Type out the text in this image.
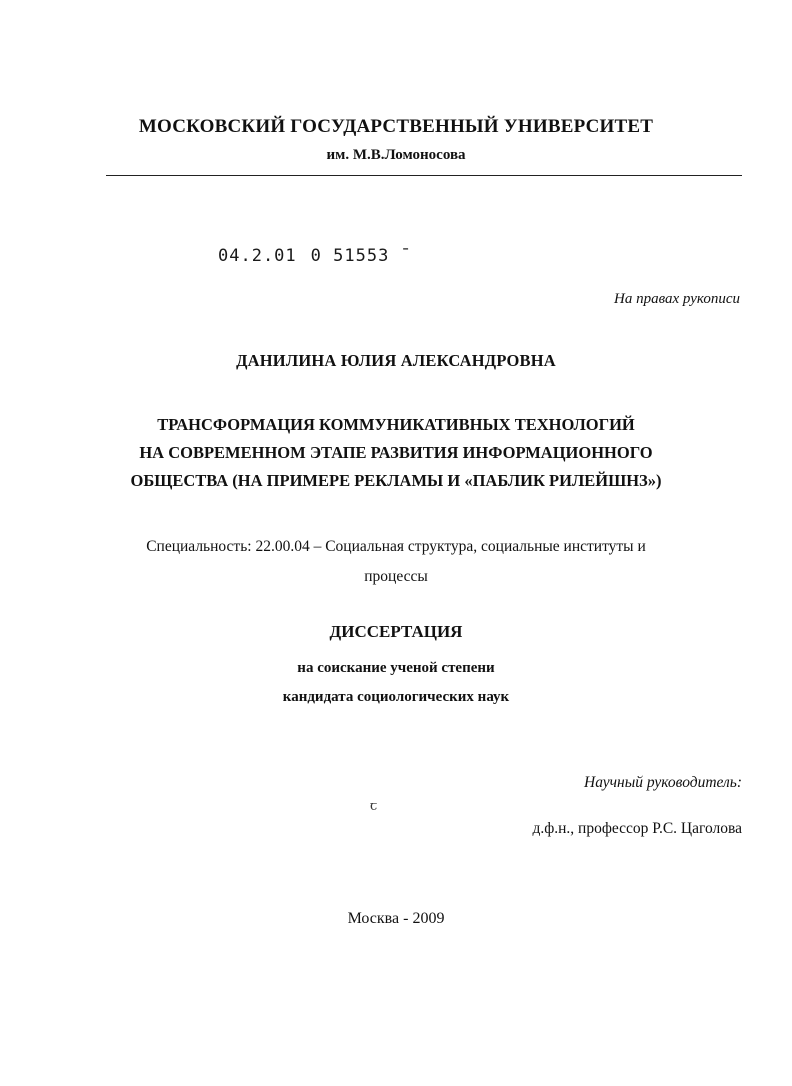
МОСКОВСКИЙ ГОСУДАРСТВЕННЫЙ УНИВЕРСИТЕТ
им. М.В.Ломоносова
04.2.01 0 51553 ˉ
На правах рукописи
ДАНИЛИНА ЮЛИЯ АЛЕКСАНДРОВНА
ТРАНСФОРМАЦИЯ КОММУНИКАТИВНЫХ ТЕХНОЛОГИЙ
НА СОВРЕМЕННОМ ЭТАПЕ РАЗВИТИЯ ИНФОРМАЦИОННОГО
ОБЩЕСТВА (НА ПРИМЕРЕ РЕКЛАМЫ И «ПАБЛИК РИЛЕЙШНЗ»)
Специальность: 22.00.04 – Социальная структура, социальные институты и
процессы
ДИССЕРТАЦИЯ
на соискание ученой степени
кандидата социологических наук
Научный руководитель:
ꞇ
д.ф.н., профессор Р.С. Цаголова
Москва - 2009
